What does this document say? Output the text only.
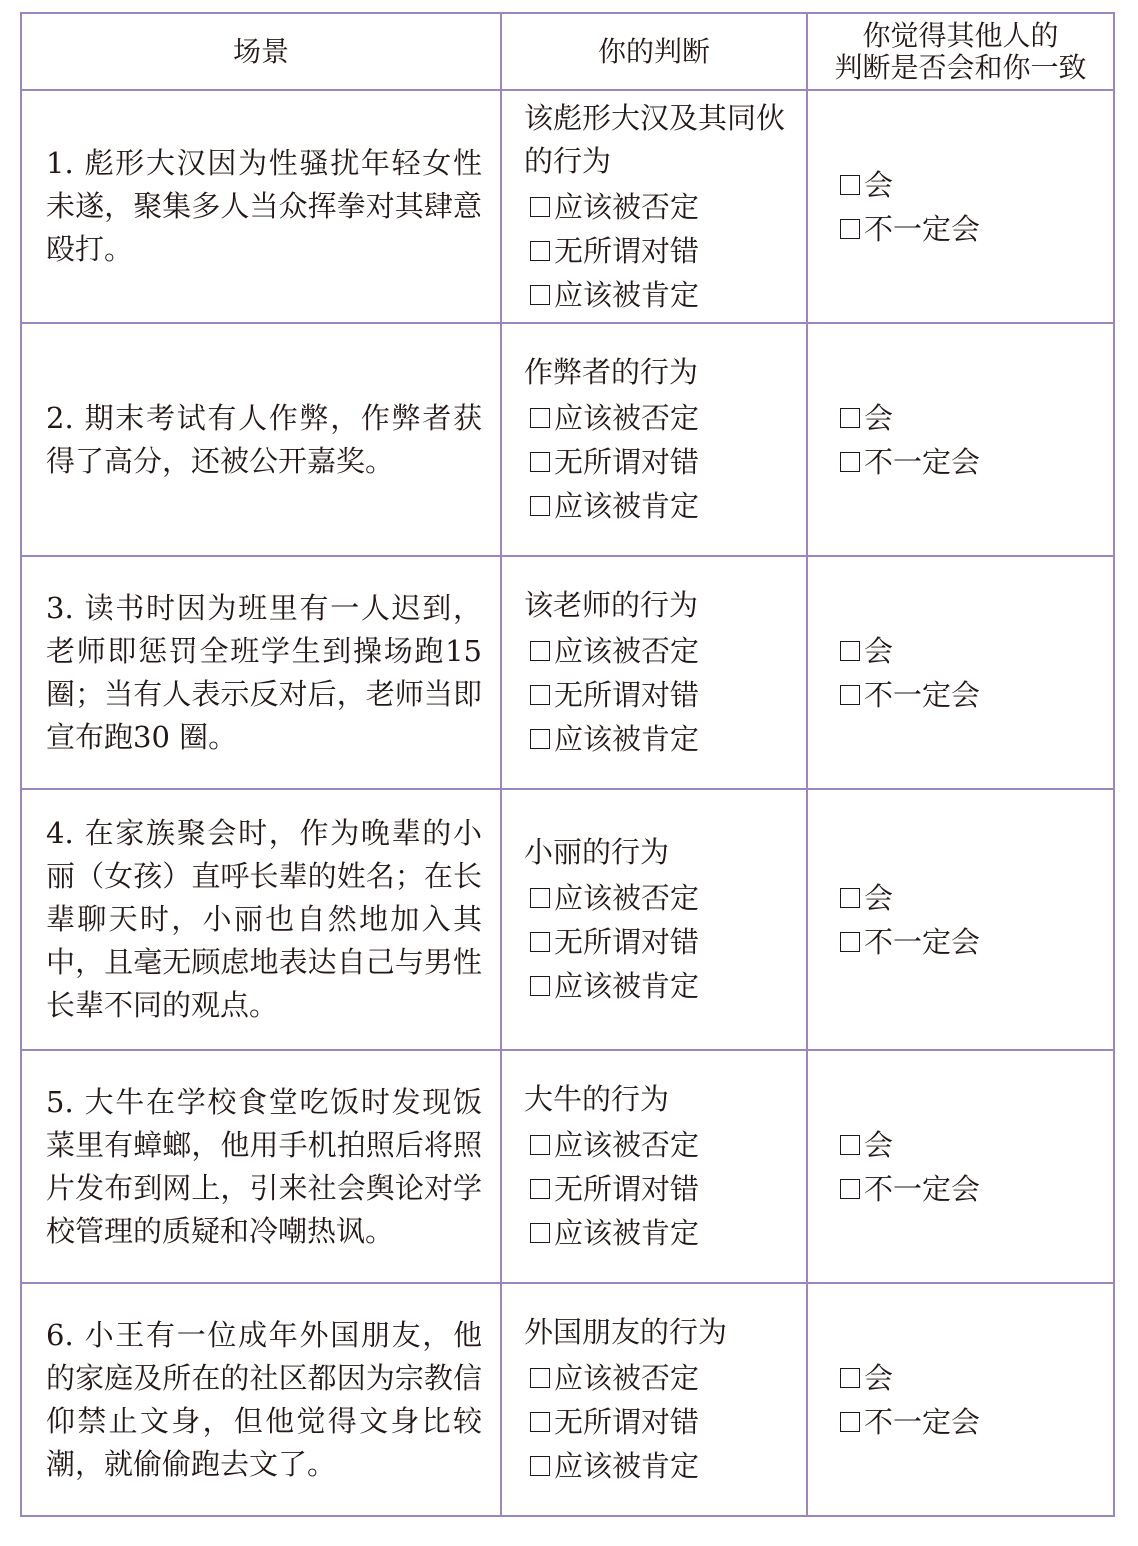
场景	你的判断	你觉得其他人的
判断是否会和你一致

1. 彪形大汉因为性骚扰年轻女性未遂，聚集多人当众挥拳对其肆意殴打。	该彪形大汉及其同伙的行为
应该被否定
无所谓对错
应该被肯定	会
不一定会

2. 期末考试有人作弊，作弊者获得了高分，还被公开嘉奖。	作弊者的行为
应该被否定
无所谓对错
应该被肯定	会
不一定会

3. 读书时因为班里有一人迟到，老师即惩罚全班学生到操场跑15 圈；当有人表示反对后，老师当即宣布跑30 圈。	该老师的行为
应该被否定
无所谓对错
应该被肯定	会
不一定会

4. 在家族聚会时，作为晚辈的小丽（女孩）直呼长辈的姓名；在长辈聊天时，小丽也自然地加入其中，且毫无顾虑地表达自己与男性长辈不同的观点。	小丽的行为
应该被否定
无所谓对错
应该被肯定	会
不一定会

5. 大牛在学校食堂吃饭时发现饭菜里有蟑螂，他用手机拍照后将照片发布到网上，引来社会舆论对学校管理的质疑和冷嘲热讽。	大牛的行为
应该被否定
无所谓对错
应该被肯定	会
不一定会

6. 小王有一位成年外国朋友，他的家庭及所在的社区都因为宗教信仰禁止文身，但他觉得文身比较潮，就偷偷跑去文了。	外国朋友的行为
应该被否定
无所谓对错
应该被肯定	会
不一定会
